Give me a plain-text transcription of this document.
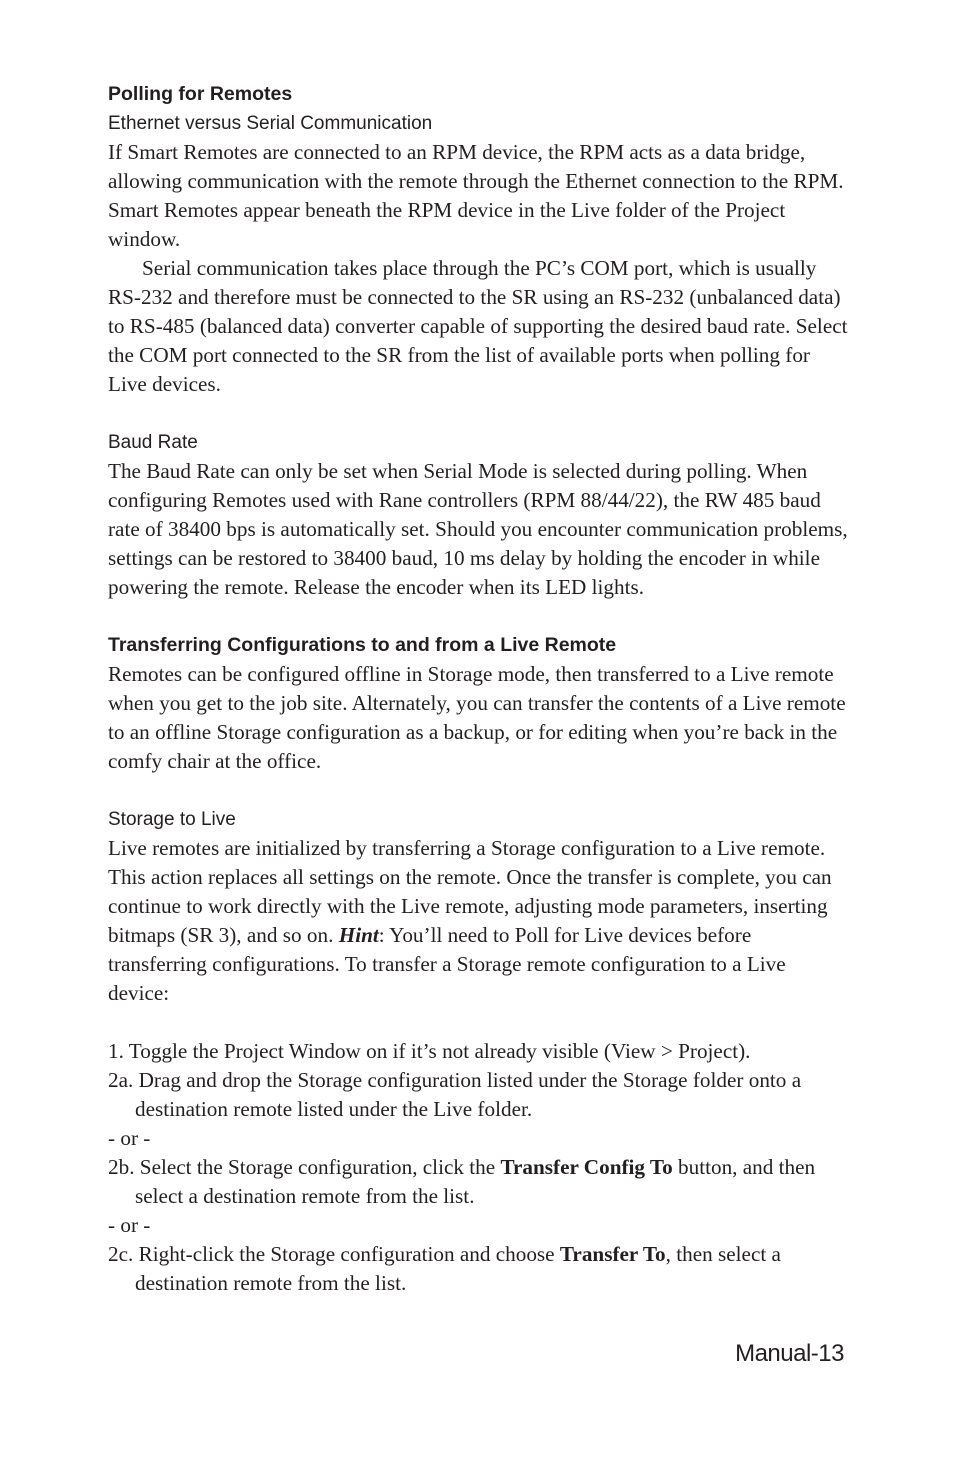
Polling for Remotes

Ethernet versus Serial Communication

If Smart Remotes are connected to an RPM device, the RPM acts as a data bridge, allowing communication with the remote through the Ethernet connection to the RPM. Smart Remotes appear beneath the RPM device in the Live folder of the Project window.

Serial communication takes place through the PC’s COM port, which is usually RS-232 and therefore must be connected to the SR using an RS-232 (unbalanced data) to RS-485 (balanced data) converter capable of supporting the desired baud rate. Select the COM port connected to the SR from the list of available ports when polling for Live devices.

Baud Rate

The Baud Rate can only be set when Serial Mode is selected during polling. When configuring Remotes used with Rane controllers (RPM 88/44/22), the RW 485 baud rate of 38400 bps is automatically set. Should you encounter communication problems, settings can be restored to 38400 baud, 10 ms delay by holding the encoder in while powering the remote. Release the encoder when its LED lights.

Transferring Configurations to and from a Live Remote

Remotes can be configured offline in Storage mode, then transferred to a Live remote when you get to the job site. Alternately, you can transfer the contents of a Live remote to an offline Storage configuration as a backup, or for editing when you’re back in the comfy chair at the office.

Storage to Live

Live remotes are initialized by transferring a Storage configuration to a Live remote. This action replaces all settings on the remote. Once the transfer is complete, you can continue to work directly with the Live remote, adjusting mode parameters, inserting bitmaps (SR 3), and so on. Hint: You’ll need to Poll for Live devices before transferring configurations. To transfer a Storage remote configuration to a Live device:

1. Toggle the Project Window on if it’s not already visible (View > Project).

2a. Drag and drop the Storage configuration listed under the Storage folder onto a destination remote listed under the Live folder.

- or -

2b. Select the Storage configuration, click the Transfer Config To button, and then select a destination remote from the list.

- or -

2c. Right-click the Storage configuration and choose Transfer To, then select a destination remote from the list.

Manual-13
